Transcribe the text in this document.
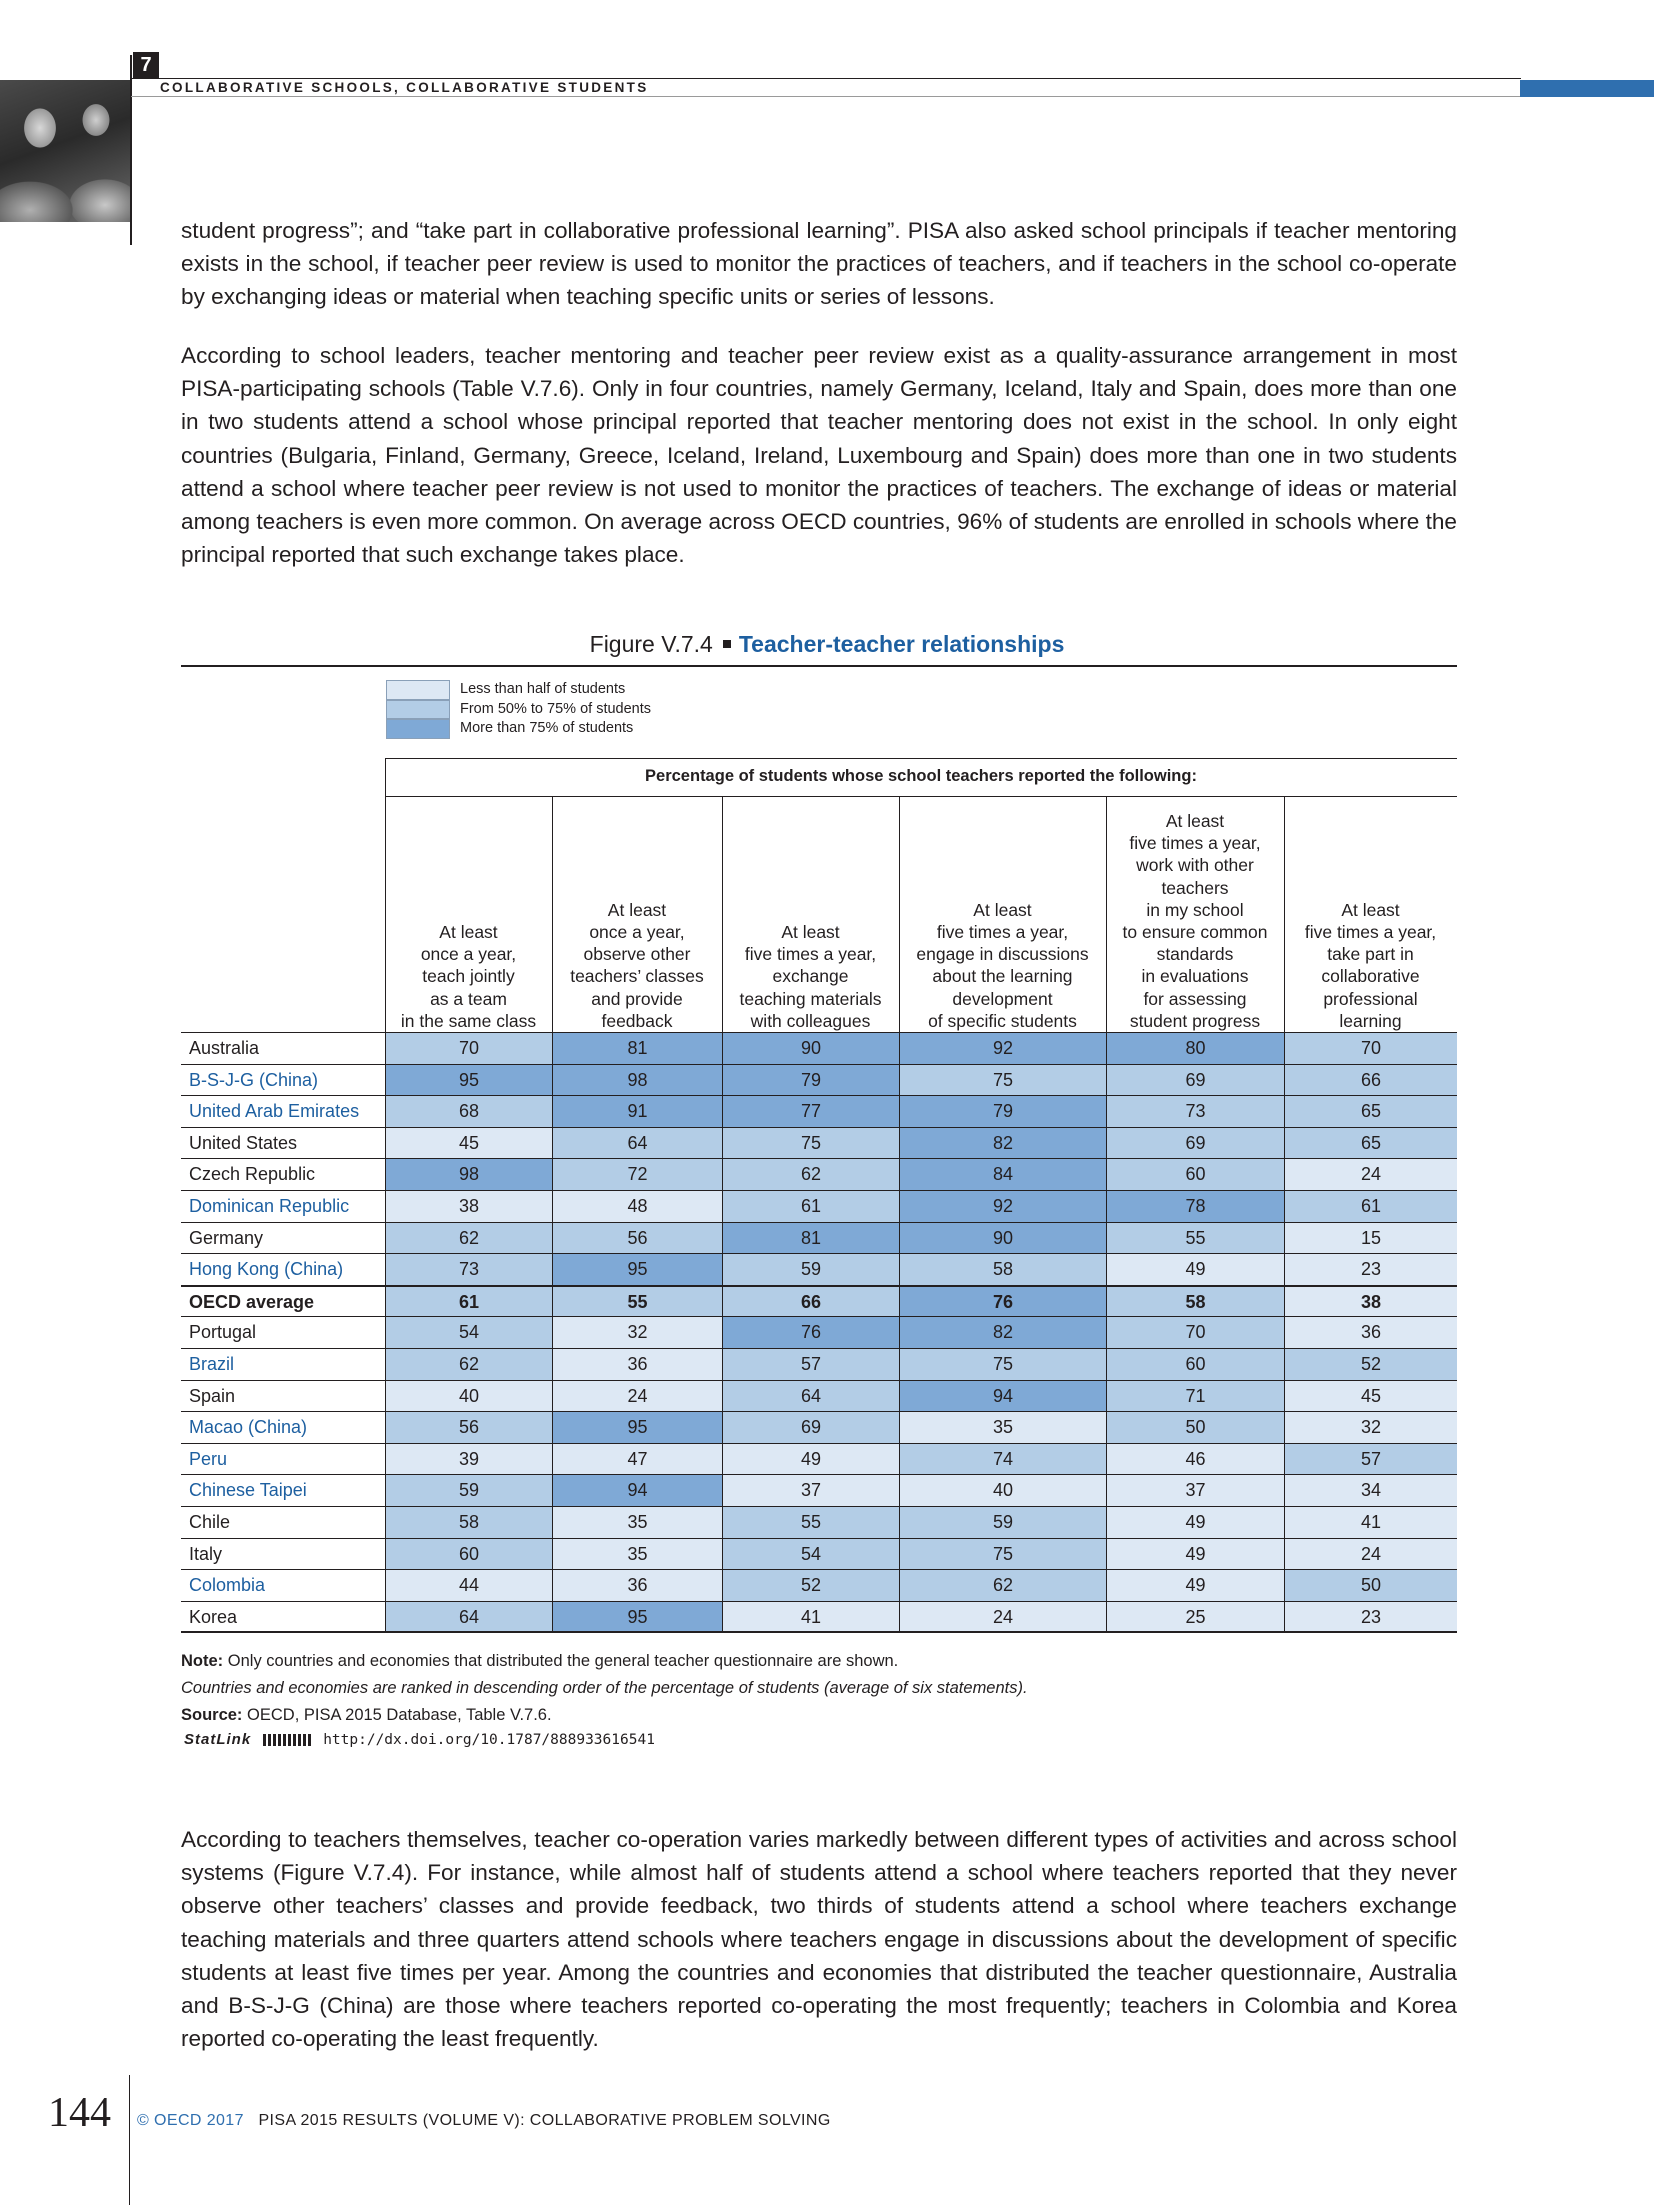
7
COLLABORATIVE SCHOOLS, COLLABORATIVE STUDENTS

student progress”; and “take part in collaborative professional learning”. PISA also asked school principals if teacher mentoring exists in the school, if teacher peer review is used to monitor the practices of teachers, and if teachers in the school co-operate by exchanging ideas or material when teaching specific units or series of lessons.

According to school leaders, teacher mentoring and teacher peer review exist as a quality-assurance arrangement in most PISA-participating schools (Table V.7.6). Only in four countries, namely Germany, Iceland, Italy and Spain, does more than one in two students attend a school whose principal reported that teacher mentoring does not exist in the school. In only eight countries (Bulgaria, Finland, Germany, Greece, Iceland, Ireland, Luxembourg and Spain) does more than one in two students attend a school where teacher peer review is not used to monitor the practices of teachers. The exchange of ideas or material among teachers is even more common. On average across OECD countries, 96% of students are enrolled in schools where the principal reported that such exchange takes place.

Figure V.7.4 Teacher-teacher relationships
Less than half of students
From 50% to 75% of students
More than 75% of students
Percentage of students whose school teachers reported the following:
At least
once a year,
teach jointly
as a team
in the same class
At least
once a year,
observe other
teachers’ classes
and provide
feedback
At least
five times a year,
exchange
teaching materials
with colleagues
At least
five times a year,
engage in discussions
about the learning
development
of specific students
At least
five times a year,
work with other
teachers
in my school
to ensure common
standards
in evaluations
for assessing
student progress
At least
five times a year,
take part in
collaborative
professional
learning
Australia	70	81	90	92	80	70
B-S-J-G (China)	95	98	79	75	69	66
United Arab Emirates	68	91	77	79	73	65
United States	45	64	75	82	69	65
Czech Republic	98	72	62	84	60	24
Dominican Republic	38	48	61	92	78	61
Germany	62	56	81	90	55	15
Hong Kong (China)	73	95	59	58	49	23
OECD average	61	55	66	76	58	38
Portugal	54	32	76	82	70	36
Brazil	62	36	57	75	60	52
Spain	40	24	64	94	71	45
Macao (China)	56	95	69	35	50	32
Peru	39	47	49	74	46	57
Chinese Taipei	59	94	37	40	37	34
Chile	58	35	55	59	49	41
Italy	60	35	54	75	49	24
Colombia	44	36	52	62	49	50
Korea	64	95	41	24	25	23
Note: Only countries and economies that distributed the general teacher questionnaire are shown.
Countries and economies are ranked in descending order of the percentage of students (average of six statements).
Source: OECD, PISA 2015 Database, Table V.7.6.
StatLink	http://dx.doi.org/10.1787/888933616541

According to teachers themselves, teacher co-operation varies markedly between different types of activities and across school systems (Figure V.7.4). For instance, while almost half of students attend a school where teachers reported that they never observe other teachers’ classes and provide feedback, two thirds of students attend a school where teachers exchange teaching materials and three quarters attend schools where teachers engage in discussions about the development of specific students at least five times per year. Among the countries and economies that distributed the teacher questionnaire, Australia and B-S-J-G (China) are those where teachers reported co-operating the most frequently; teachers in Colombia and Korea reported co-operating the least frequently.

144 © OECD 2017 PISA 2015 RESULTS (VOLUME V): COLLABORATIVE PROBLEM SOLVING
